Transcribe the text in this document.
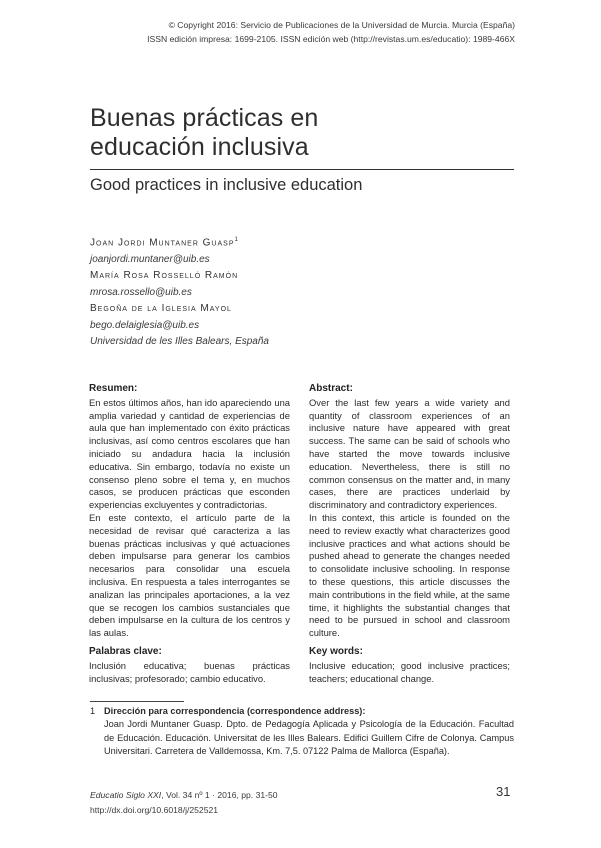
© Copyright 2016: Servicio de Publicaciones de la Universidad de Murcia. Murcia (España)
ISSN edición impresa: 1699-2105. ISSN edición web (http://revistas.um.es/educatio): 1989-466X
Buenas prácticas en
educación inclusiva
Good practices in inclusive education
Joan Jordi Muntaner Guasp$^1$
joanjordi.muntaner@uib.es
María Rosa Rosselló Ramón
mrosa.rossello@uib.es
Begoña de la Iglesia Mayol
bego.delaiglesia@uib.es
Universidad de les Illes Balears, España
Resumen:

En estos últimos años, han ido apareciendo una amplia variedad y cantidad de experiencias de aula que han implementado con éxito prácticas inclusivas, así como centros escolares que han iniciado su andadura hacia la inclusión educativa. Sin embargo, todavía no existe un consenso pleno sobre el tema y, en muchos casos, se producen prácticas que esconden experiencias excluyentes y contradictorias.

En este contexto, el artículo parte de la necesidad de revisar qué caracteriza a las buenas prácticas inclusivas y qué actuaciones deben impulsarse para generar los cambios necesarios para consolidar una escuela inclusiva. En respuesta a tales interrogantes se analizan las principales aportaciones, a la vez que se recogen los cambios sustanciales que deben impulsarse en la cultura de los centros y las aulas.

Palabras clave:

Inclusión educativa; buenas prácticas inclusivas; profesorado; cambio educativo.

Abstract:

Over the last few years a wide variety and quantity of classroom experiences of an inclusive nature have appeared with great success. The same can be said of schools who have started the move towards inclusive education. Nevertheless, there is still no common consensus on the matter and, in many cases, there are practices underlaid by discriminatory and contradictory experiences.

In this context, this article is founded on the need to review exactly what characterizes good inclusive practices and what actions should be pushed ahead to generate the changes needed to consolidate inclusive schooling. In response to these questions, this article discusses the main contributions in the field while, at the same time, it highlights the substantial changes that need to be pursued in school and classroom culture.

Key words:

Inclusive education; good inclusive practices; teachers; educational change.

1 Dirección para correspondencia (correspondence address):
Joan Jordi Muntaner Guasp. Dpto. de Pedagogía Aplicada y Psicología de la Educación. Facultad de Educación. Educación. Universitat de les Illes Balears. Edifici Guillem Cifre de Colonya. Campus Universitari. Carretera de Valldemossa, Km. 7,5. 07122 Palma de Mallorca (España).
Educatio Siglo XXI, Vol. 34 nº 1 · 2016, pp. 31-50
http://dx.doi.org/10.6018/j/252521
31
